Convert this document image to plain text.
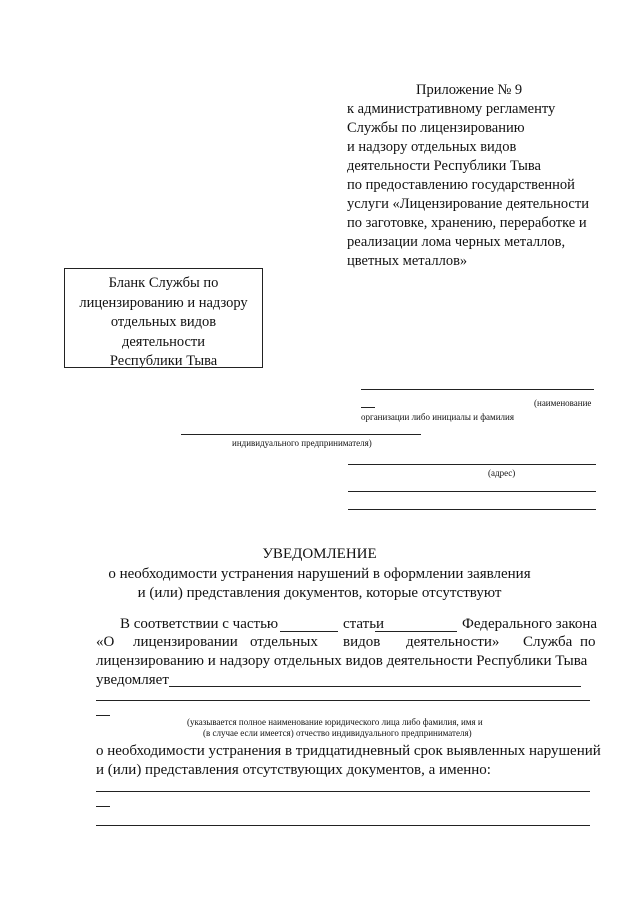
Приложение № 9
к административному регламенту
Службы по лицензированию
и надзору отдельных видов
деятельности Республики Тыва
по предоставлению государственной
услуги «Лицензирование деятельности
по заготовке, хранению, переработке и
реализации лома черных металлов,
цветных металлов»
Бланк Службы по
лицензированию и надзору
отдельных видов
деятельности
Республики Тыва
(наименование
организации либо инициалы и фамилия
индивидуального предпринимателя)
(адрес)
УВЕДОМЛЕНИЕ
о необходимости устранения нарушений в оформлении заявления
и (или) представления документов, которые отсутствуют
В соответствии с частью	статьи	Федерального закона
«О лицензировании отдельных видов деятельности» Служба по
лицензированию и надзору отдельных видов деятельности Республики Тыва
уведомляет
(указывается полное наименование юридического лица либо фамилия, имя и
(в случае если имеется) отчество индивидуального предпринимателя)
о необходимости устранения в тридцатидневный срок выявленных нарушений
и (или) представления отсутствующих документов, а именно:
